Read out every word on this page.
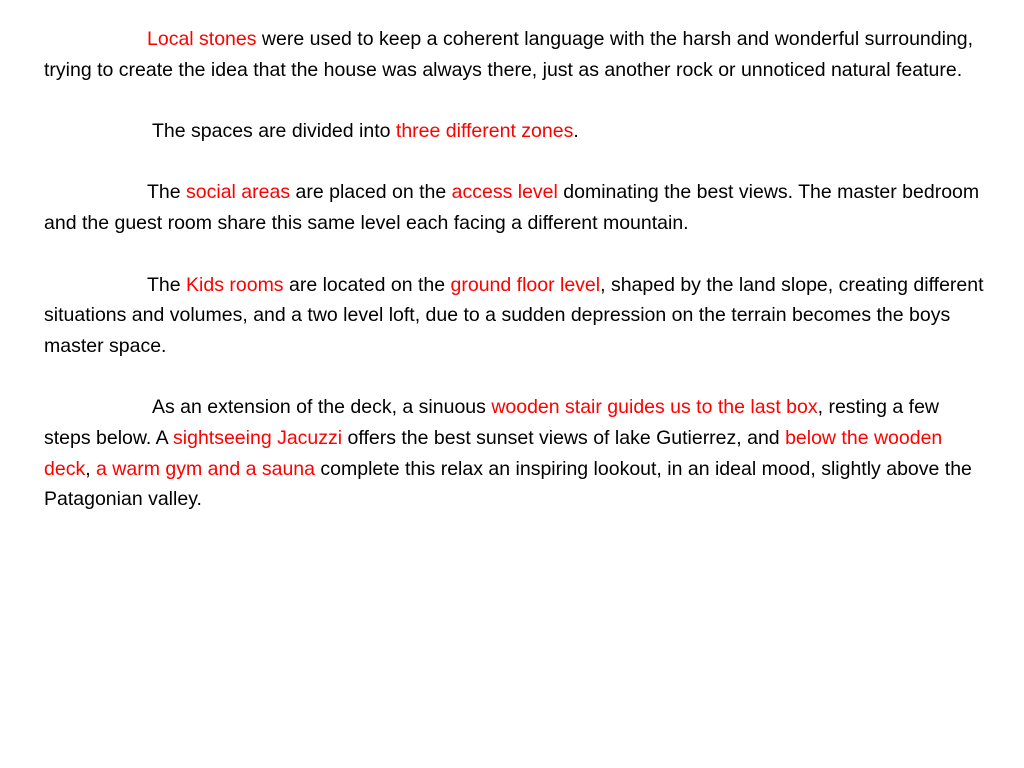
Local stones were used to keep a coherent language with the harsh and wonderful surrounding, trying to create the idea that the house was always there, just as another rock or unnoticed natural feature.

The spaces are divided into three different zones.

The social areas are placed on the access level dominating the best views. The master bedroom and the guest room share this same level each facing a different mountain.

The Kids rooms are located on the ground floor level, shaped by the land slope, creating different situations and volumes, and a two level loft, due to a sudden depression on the terrain becomes the boys master space.

As an extension of the deck, a sinuous wooden stair guides us to the last box, resting a few steps below. A sightseeing Jacuzzi offers the best sunset views of lake Gutierrez, and below the wooden deck, a warm gym and a sauna complete this relax an inspiring lookout, in an ideal mood, slightly above the Patagonian valley.
